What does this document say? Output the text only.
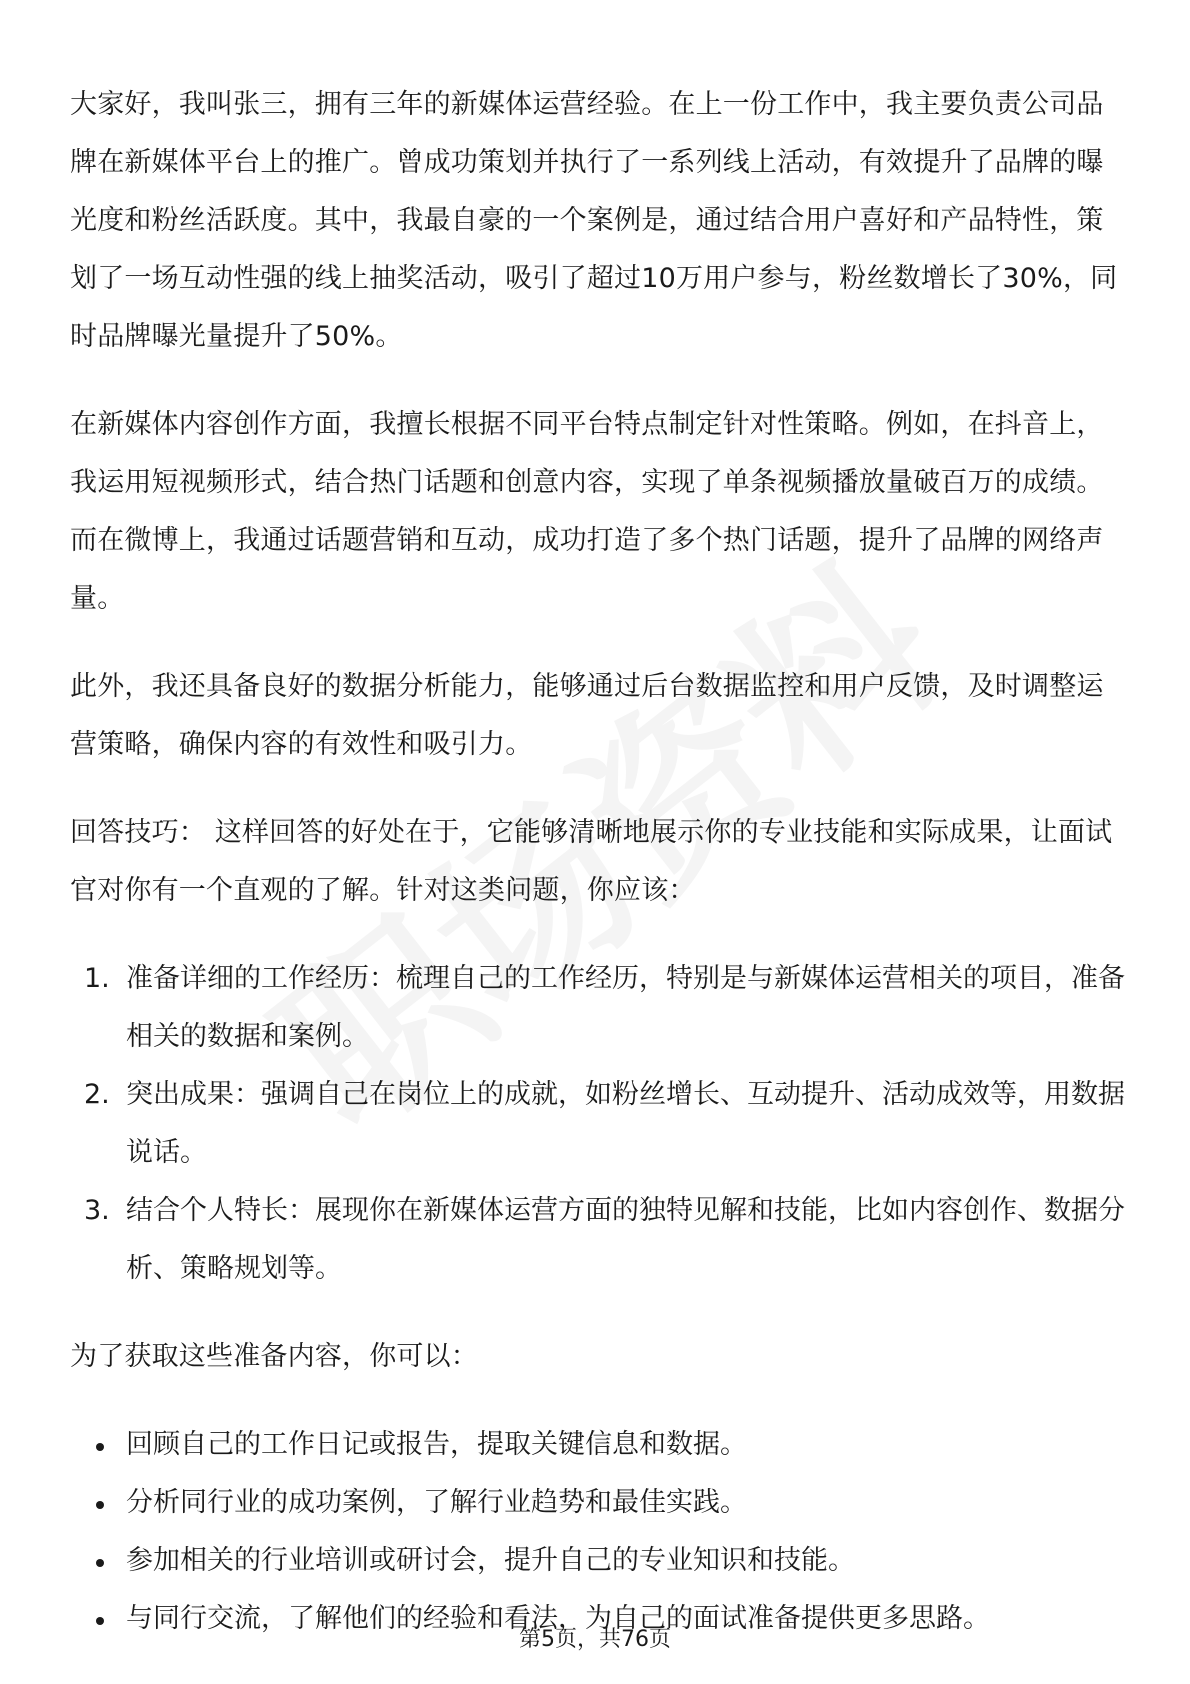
大家好，我叫张三，拥有三年的新媒体运营经验。在上一份工作中，我主要负责公司品牌在新媒体平台上的推广。曾成功策划并执行了一系列线上活动，有效提升了品牌的曝光度和粉丝活跃度。其中，我最自豪的一个案例是，通过结合用户喜好和产品特性，策划了一场互动性强的线上抽奖活动，吸引了超过10万用户参与，粉丝数增长了30%，同时品牌曝光量提升了50%。

在新媒体内容创作方面，我擅长根据不同平台特点制定针对性策略。例如，在抖音上，我运用短视频形式，结合热门话题和创意内容，实现了单条视频播放量破百万的成绩。而在微博上，我通过话题营销和互动，成功打造了多个热门话题，提升了品牌的网络声量。

此外，我还具备良好的数据分析能力，能够通过后台数据监控和用户反馈，及时调整运营策略，确保内容的有效性和吸引力。

回答技巧： 这样回答的好处在于，它能够清晰地展示你的专业技能和实际成果，让面试官对你有一个直观的了解。针对这类问题，你应该：

1. 准备详细的工作经历：梳理自己的工作经历，特别是与新媒体运营相关的项目，准备相关的数据和案例。
2. 突出成果：强调自己在岗位上的成就，如粉丝增长、互动提升、活动成效等，用数据说话。
3. 结合个人特长：展现你在新媒体运营方面的独特见解和技能，比如内容创作、数据分析、策略规划等。

为了获取这些准备内容，你可以：

回顾自己的工作日记或报告，提取关键信息和数据。
分析同行业的成功案例，了解行业趋势和最佳实践。
参加相关的行业培训或研讨会，提升自己的专业知识和技能。
与同行交流，了解他们的经验和看法，为自己的面试准备提供更多思路。
第5页，共76页
